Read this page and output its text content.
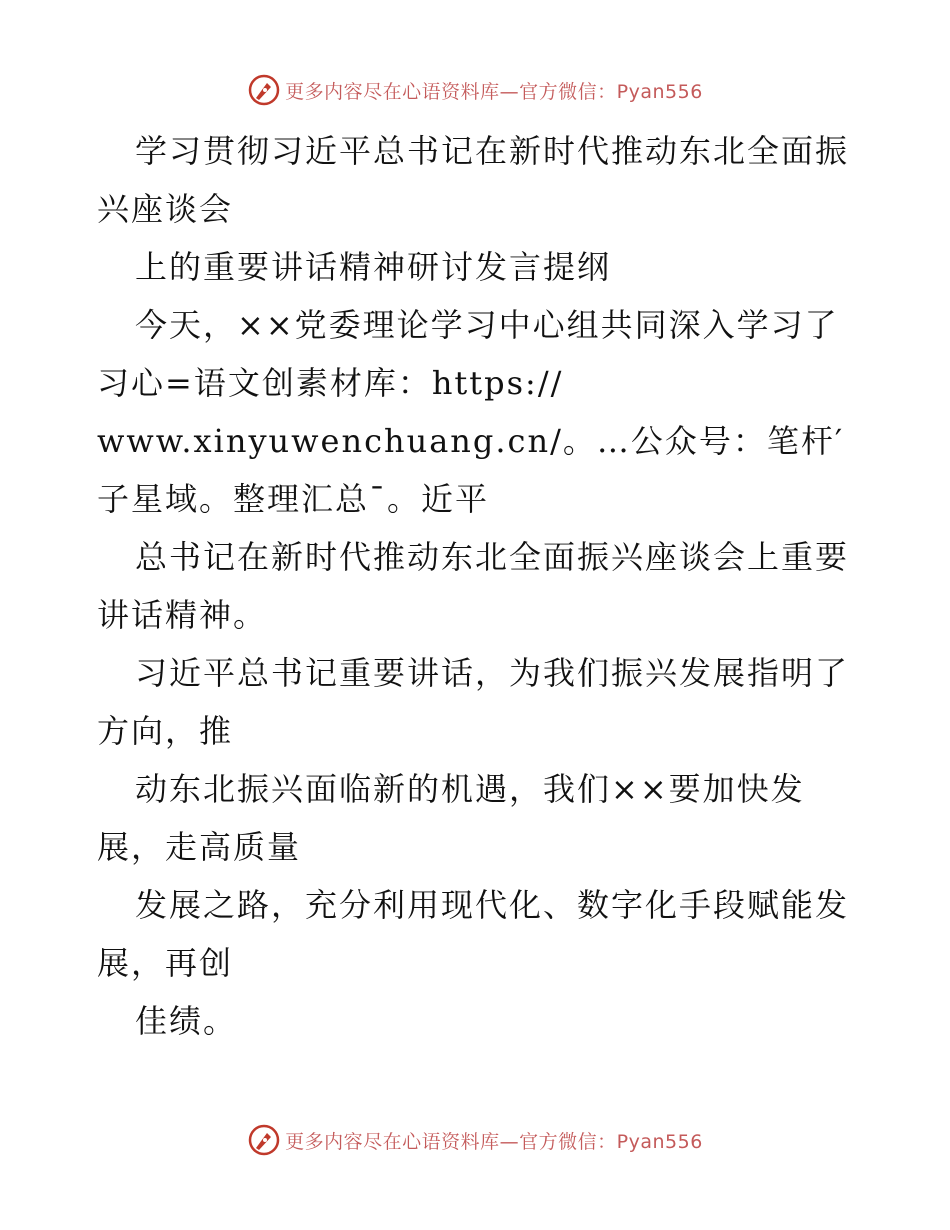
更多内容尽在心语资料库—官方微信：Pyan556

学习贯彻习近平总书记在新时代推动东北全面振兴座谈会

上的重要讲话精神研讨发言提纲

今天，××党委理论学习中心组共同深入学习了习心=语文创素材库：https://

www.xinyuwenchuang.cn/。…公众号：笔杆′子星域。整理汇总¯。近平

总书记在新时代推动东北全面振兴座谈会上重要讲话精神。

习近平总书记重要讲话，为我们振兴发展指明了方向，推

动东北振兴面临新的机遇，我们××要加快发展，走高质量

发展之路，充分利用现代化、数字化手段赋能发展，再创

佳绩。

更多内容尽在心语资料库—官方微信：Pyan556
